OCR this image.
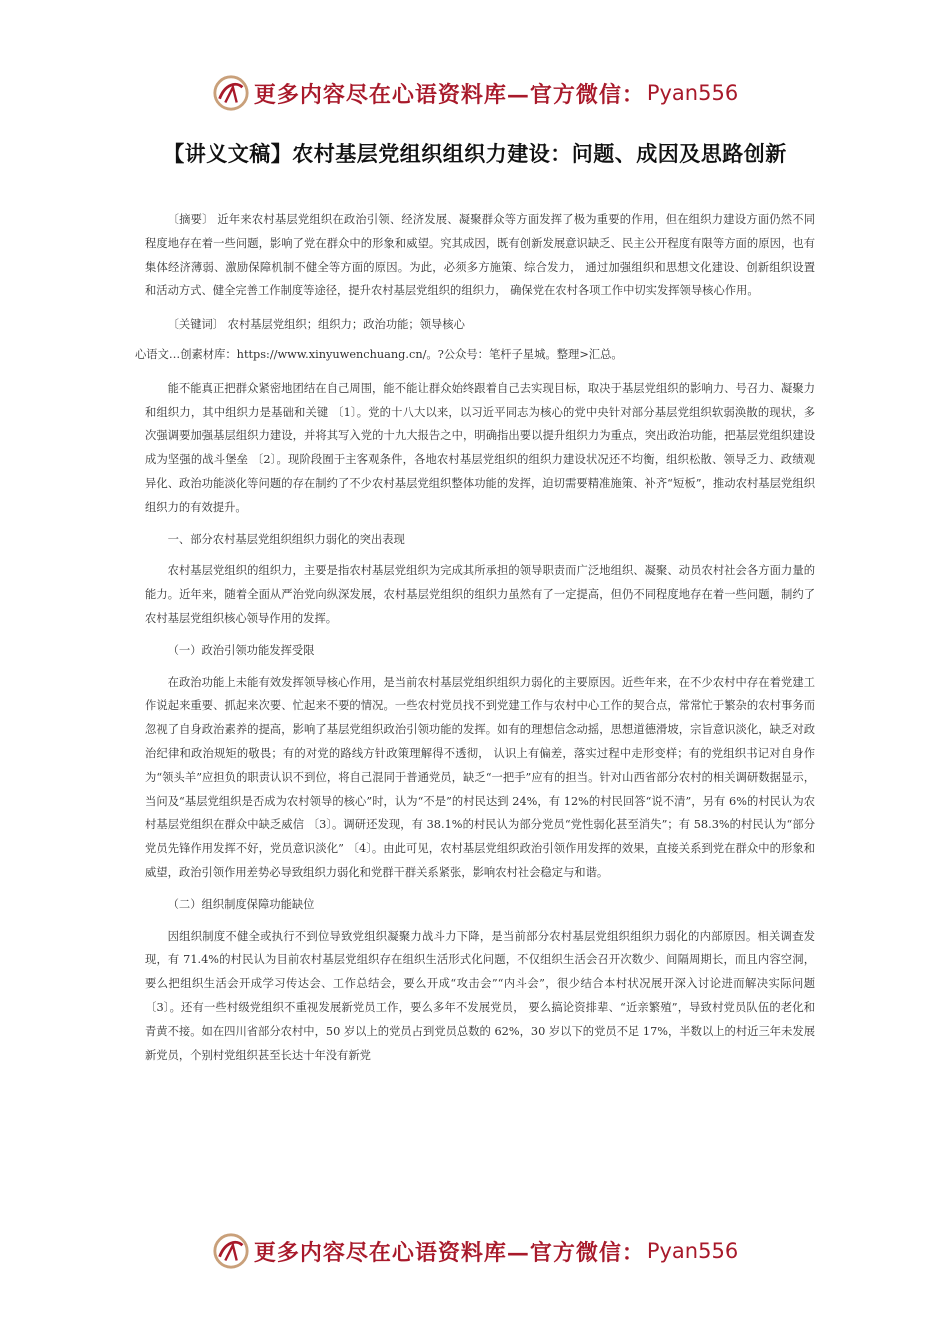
更多内容尽在心语资料库—官方微信： Pyan556
【讲义文稿】农村基层党组织组织力建设：问题、成因及思路创新

〔摘要〕 近年来农村基层党组织在政治引领、经济发展、凝聚群众等方面发挥了极为重要的作用，但在组织力建设方面仍然不同程度地存在着一些问题，影响了党在群众中的形象和威望。究其成因，既有创新发展意识缺乏、民主公开程度有限等方面的原因，也有集体经济薄弱、激励保障机制不健全等方面的原因。为此，必须多方施策、综合发力， 通过加强组织和思想文化建设、创新组织设置和活动方式、健全完善工作制度等途径，提升农村基层党组织的组织力， 确保党在农村各项工作中切实发挥领导核心作用。

〔关键词〕 农村基层党组织；组织力；政治功能；领导核心

心语文…创素材库：https://www.xinyuwenchuang.cn/。?公众号：笔杆子星城。整理>汇总。

能不能真正把群众紧密地团结在自己周围，能不能让群众始终跟着自己去实现目标，取决于基层党组织的影响力、号召力、凝聚力和组织力，其中组织力是基础和关键 〔1〕。党的十八大以来，以习近平同志为核心的党中央针对部分基层党组织软弱涣散的现状，多次强调要加强基层组织力建设，并将其写入党的十九大报告之中，明确指出要以提升组织力为重点，突出政治功能，把基层党组织建设成为坚强的战斗堡垒 〔2〕。现阶段囿于主客观条件，各地农村基层党组织的组织力建设状况还不均衡，组织松散、领导乏力、政绩观异化、政治功能淡化等问题的存在制约了不少农村基层党组织整体功能的发挥，迫切需要精准施策、补齐“短板”，推动农村基层党组织组织力的有效提升。

一、部分农村基层党组织组织力弱化的突出表现

农村基层党组织的组织力，主要是指农村基层党组织为完成其所承担的领导职责而广泛地组织、凝聚、动员农村社会各方面力量的能力。近年来，随着全面从严治党向纵深发展，农村基层党组织的组织力虽然有了一定提高，但仍不同程度地存在着一些问题，制约了农村基层党组织核心领导作用的发挥。

（一）政治引领功能发挥受限

在政治功能上未能有效发挥领导核心作用，是当前农村基层党组织组织力弱化的主要原因。近些年来，在不少农村中存在着党建工作说起来重要、抓起来次要、忙起来不要的情况。一些农村党员找不到党建工作与农村中心工作的契合点，常常忙于繁杂的农村事务而忽视了自身政治素养的提高，影响了基层党组织政治引领功能的发挥。如有的理想信念动摇，思想道德滑坡，宗旨意识淡化，缺乏对政治纪律和政治规矩的敬畏；有的对党的路线方针政策理解得不透彻， 认识上有偏差，落实过程中走形变样；有的党组织书记对自身作为“领头羊”应担负的职责认识不到位，将自己混同于普通党员，缺乏“一把手”应有的担当。针对山西省部分农村的相关调研数据显示，当问及“基层党组织是否成为农村领导的核心”时，认为“不是”的村民达到 24%，有 12%的村民回答“说不清”，另有 6%的村民认为农村基层党组织在群众中缺乏威信 〔3〕。调研还发现，有 38.1%的村民认为部分党员“党性弱化甚至消失”；有 58.3%的村民认为“部分党员先锋作用发挥不好，党员意识淡化” 〔4〕。由此可见，农村基层党组织政治引领作用发挥的效果，直接关系到党在群众中的形象和威望，政治引领作用差势必导致组织力弱化和党群干群关系紧张，影响农村社会稳定与和谐。

（二）组织制度保障功能缺位

因组织制度不健全或执行不到位导致党组织凝聚力战斗力下降，是当前部分农村基层党组织组织力弱化的内部原因。相关调查发现，有 71.4%的村民认为目前农村基层党组织存在组织生活形式化问题，不仅组织生活会召开次数少、间隔周期长，而且内容空洞，要么把组织生活会开成学习传达会、工作总结会，要么开成“攻击会”“内斗会”，很少结合本村状况展开深入讨论进而解决实际问题 〔3〕。还有一些村级党组织不重视发展新党员工作，要么多年不发展党员， 要么搞论资排辈、“近亲繁殖”，导致村党员队伍的老化和青黄不接。如在四川省部分农村中，50 岁以上的党员占到党员总数的 62%，30 岁以下的党员不足 17%，半数以上的村近三年未发展新党员，个别村党组织甚至长达十年没有新党

更多内容尽在心语资料库—官方微信： Pyan556
